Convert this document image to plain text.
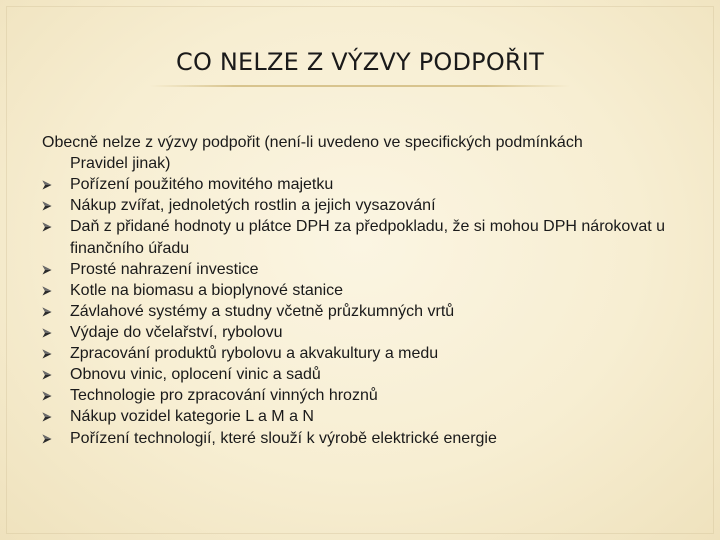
CO NELZE Z VÝZVY PODPOŘIT
Obecně nelze z výzvy podpořit (není-li uvedeno ve specifických podmínkách
Pravidel jinak)
Pořízení použitého movitého majetku
Nákup zvířat, jednoletých rostlin a jejich vysazování
Daň z přidané hodnoty u plátce DPH za předpokladu, že si mohou DPH nárokovat u finančního úřadu
Prosté nahrazení investice
Kotle na biomasu a bioplynové stanice
Závlahové systémy a studny včetně průzkumných vrtů
Výdaje do včelařství, rybolovu
Zpracování produktů rybolovu a akvakultury a medu
Obnovu vinic, oplocení vinic a sadů
Technologie pro zpracování vinných hroznů
Nákup vozidel kategorie L a M a N
Pořízení technologií, které slouží k výrobě elektrické energie
